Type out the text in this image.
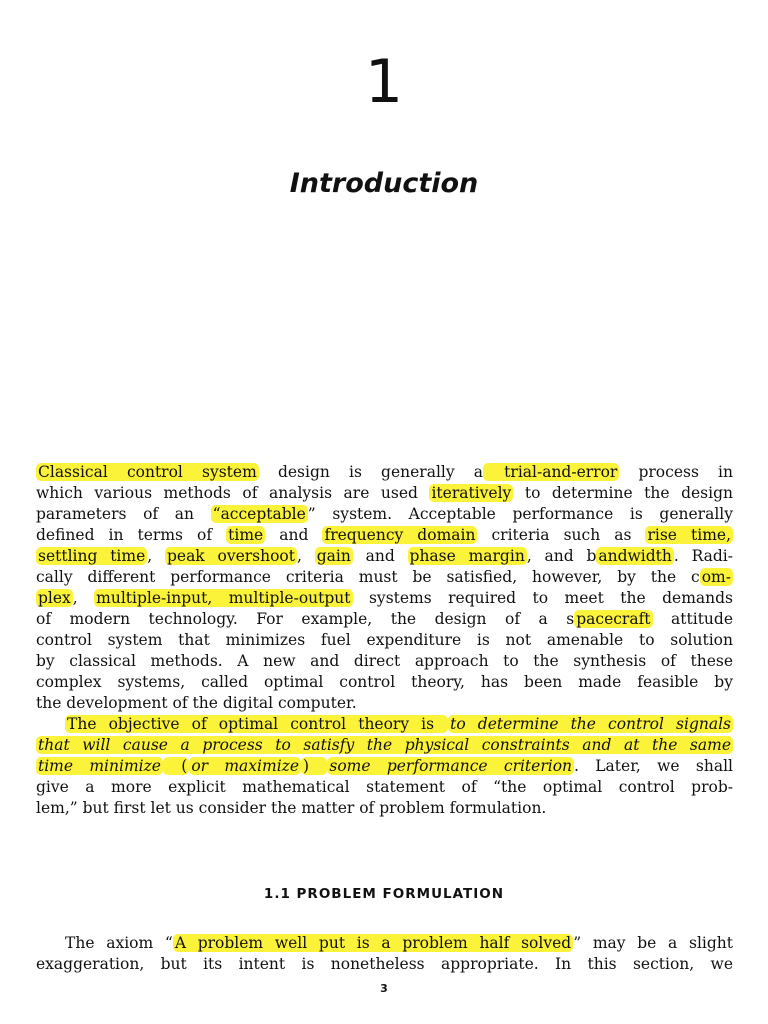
1
Introduction
Classical control system design is generally a trial-and-error process in
which various methods of analysis are used iteratively to determine the design
parameters of an “acceptable ” system. Acceptable performance is generally
defined in terms of time and frequency domain criteria such as rise time,
settling time , peak overshoot , gain and phase margin , and b andwidth . Radi-
cally different performance criteria must be satisfied, however, by the c om-
plex , multiple-input, multiple-output systems required to meet the demands
of modern technology. For example, the design of a s pacecraft attitude
control system that minimizes fuel expenditure is not amenable to solution
by classical methods. A new and direct approach to the synthesis of these
complex systems, called optimal control theory, has been made feasible by
the development of the digital computer.
The objective of optimal control theory is to determine the control signals
that will cause a process to satisfy the physical constraints and at the same
time minimize ( or maximize ) some performance criterion . Later, we shall
give a more explicit mathematical statement of “the optimal control prob-
lem,” but first let us consider the matter of problem formulation.
1.1 PROBLEM FORMULATION
The axiom “ A problem well put is a problem half solved ” may be a slight
exaggeration, but its intent is nonetheless appropriate. In this section, we
3
